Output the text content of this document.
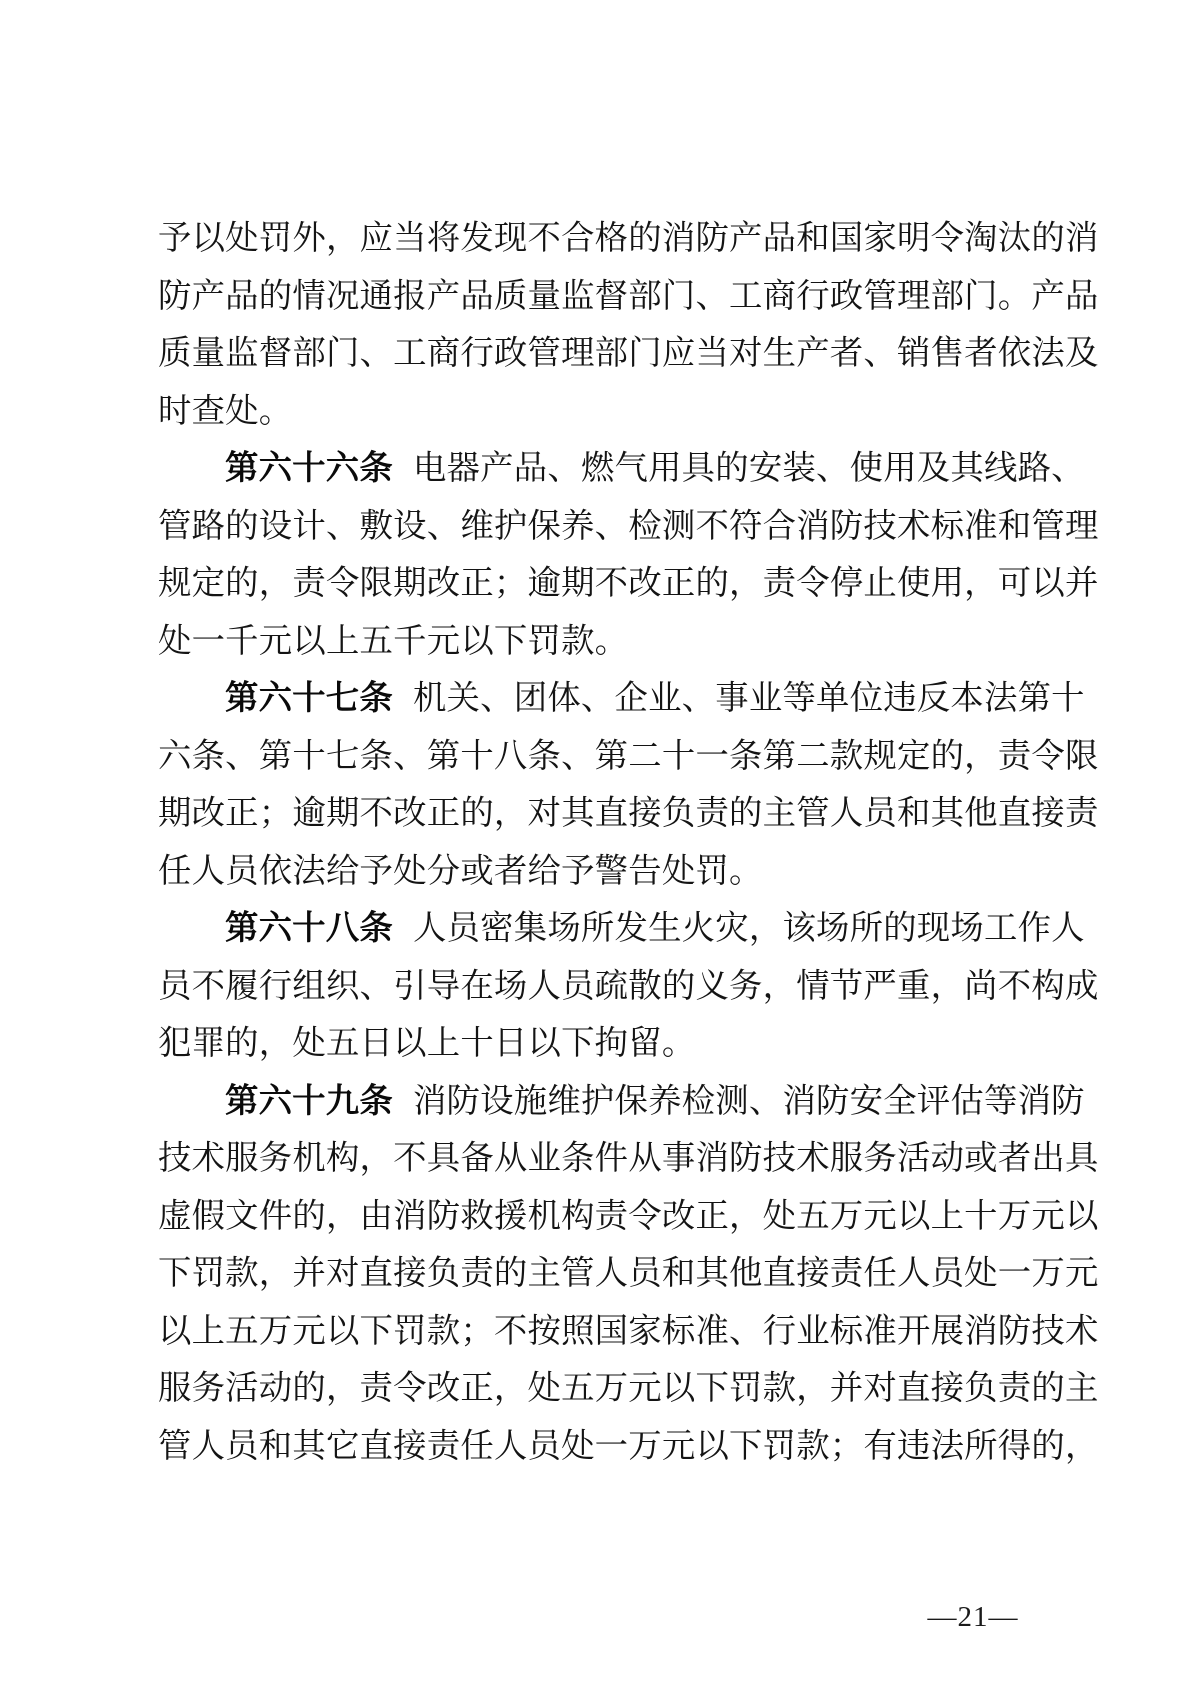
予以处罚外，应当将发现不合格的消防产品和国家明令淘汰的消
防产品的情况通报产品质量监督部门、工商行政管理部门。产品
质量监督部门、工商行政管理部门应当对生产者、销售者依法及
时查处。
第六十六条 电器产品、燃气用具的安装、使用及其线路、
管路的设计、敷设、维护保养、检测不符合消防技术标准和管理
规定的，责令限期改正；逾期不改正的，责令停止使用，可以并
处一千元以上五千元以下罚款。
第六十七条 机关、团体、企业、事业等单位违反本法第十
六条、第十七条、第十八条、第二十一条第二款规定的，责令限
期改正；逾期不改正的，对其直接负责的主管人员和其他直接责
任人员依法给予处分或者给予警告处罚。
第六十八条 人员密集场所发生火灾，该场所的现场工作人
员不履行组织、引导在场人员疏散的义务，情节严重，尚不构成
犯罪的，处五日以上十日以下拘留。
第六十九条 消防设施维护保养检测、消防安全评估等消防
技术服务机构，不具备从业条件从事消防技术服务活动或者出具
虚假文件的，由消防救援机构责令改正，处五万元以上十万元以
下罚款，并对直接负责的主管人员和其他直接责任人员处一万元
以上五万元以下罚款；不按照国家标准、行业标准开展消防技术
服务活动的，责令改正，处五万元以下罚款，并对直接负责的主
管人员和其它直接责任人员处一万元以下罚款；有违法所得的，
—21—
